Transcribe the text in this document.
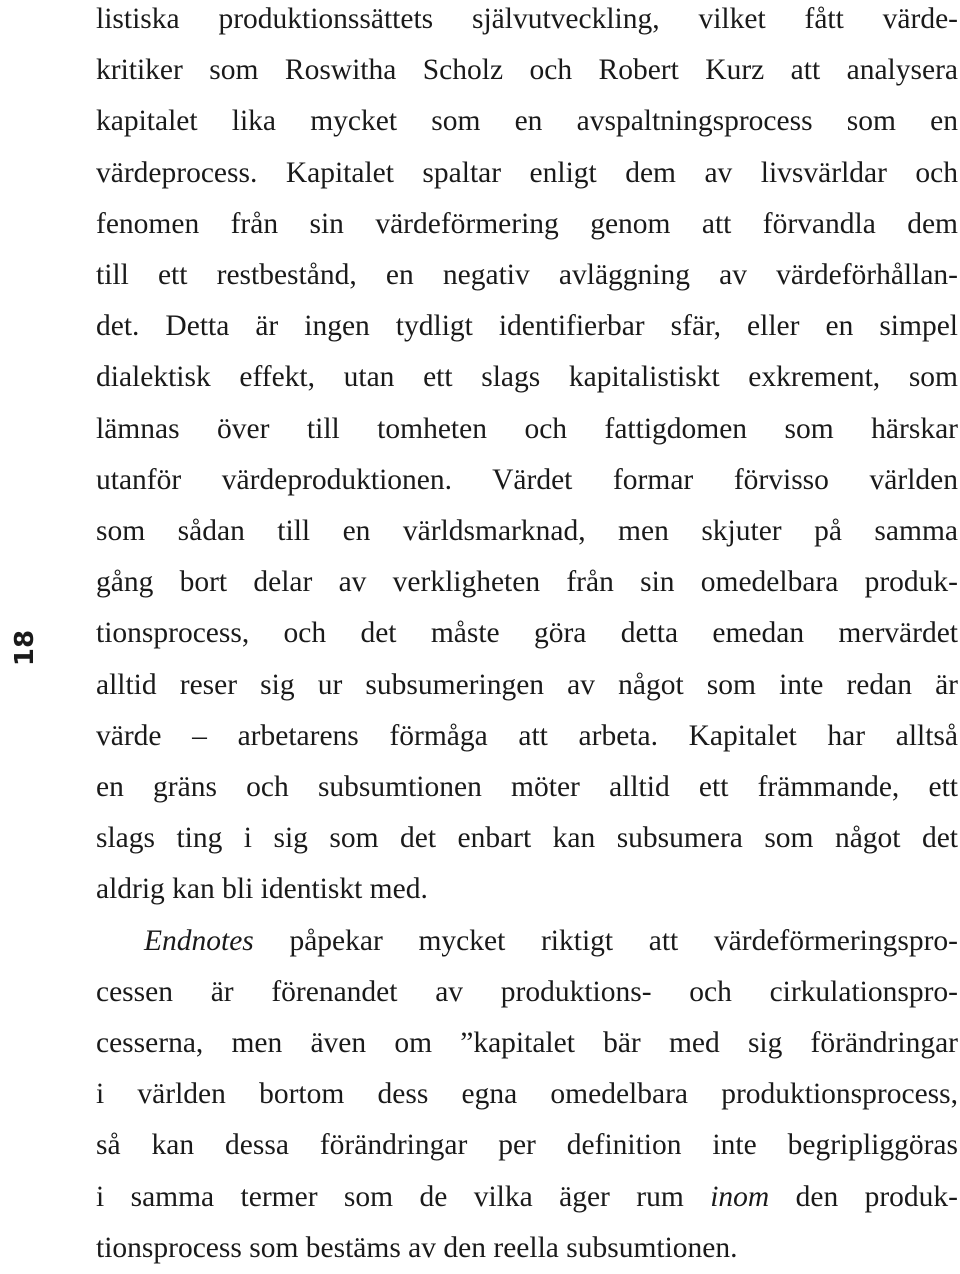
18
listiska produktionssättets självutveckling, vilket fått värde-
kritiker som Roswitha Scholz och Robert Kurz att analysera
kapitalet lika mycket som en avspaltningsprocess som en
värdeprocess. Kapitalet spaltar enligt dem av livsvärldar och
fenomen från sin värdeförmering genom att förvandla dem
till ett restbestånd, en negativ avläggning av värdeförhållan-
det. Detta är ingen tydligt identifierbar sfär, eller en simpel
dialektisk effekt, utan ett slags kapitalistiskt exkrement, som
lämnas över till tomheten och fattigdomen som härskar
utanför värdeproduktionen. Värdet formar förvisso världen
som sådan till en världsmarknad, men skjuter på samma
gång bort delar av verkligheten från sin omedelbara produk-
tionsprocess, och det måste göra detta emedan mervärdet
alltid reser sig ur subsumeringen av något som inte redan är
värde – arbetarens förmåga att arbeta. Kapitalet har alltså
en gräns och subsumtionen möter alltid ett främmande, ett
slags ting i sig som det enbart kan subsumera som något det
aldrig kan bli identiskt med.
Endnotes påpekar mycket riktigt att värdeförmeringspro-
cessen är förenandet av produktions- och cirkulationspro-
cesserna, men även om ”kapitalet bär med sig förändringar
i världen bortom dess egna omedelbara produktionsprocess,
så kan dessa förändringar per definition inte begripliggöras
i samma termer som de vilka äger rum inom den produk-
tionsprocess som bestäms av den reella subsumtionen.
